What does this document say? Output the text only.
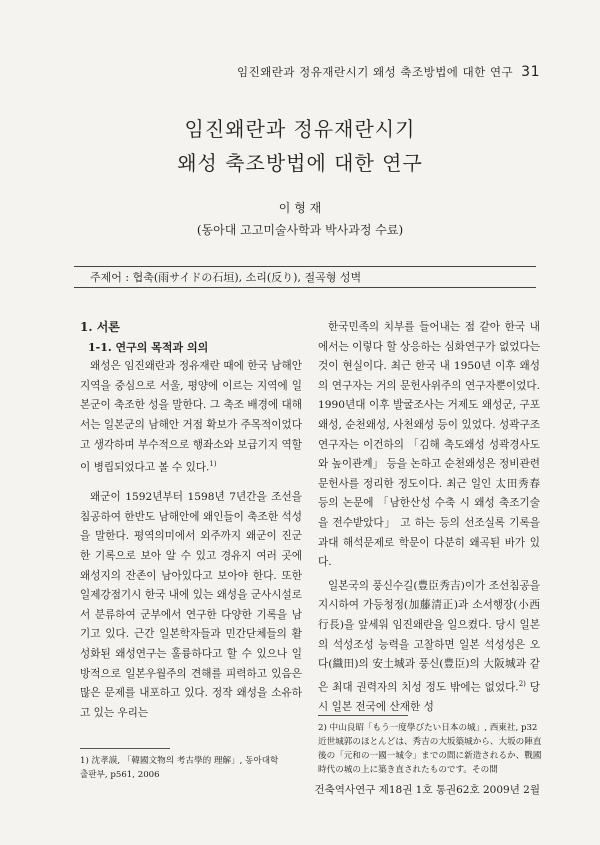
임진왜란과 정유재란시기 왜성 축조방법에 대한 연구 31
임진왜란과 정유재란시기
왜성 축조방법에 대한 연구
이 형 재
(동아대 고고미술사학과 박사과정 수료)
주제어 : 협축(雨サイドの石垣), 소리(反り), 절곡형 성벽

1. 서론

1-1. 연구의 목적과 의의

왜성은 임진왜란과 정유재란 때에 한국 남해안 지역을 중심으로 서울, 평양에 이르는 지역에 일본군이 축조한 성을 말한다. 그 축조 배경에 대해서는 일본군의 남해안 거점 확보가 주목적이었다고 생각하며 부수적으로 행좌소와 보급기지 역할이 병립되었다고 볼 수 있다.$^{1)}$

왜군이 1592년부터 1598년 7년간을 조선을 침공하여 한반도 남해안에 왜인들이 축조한 석성을 말한다. 평역의미에서 외주까지 왜군이 진군한 기록으로 보아 알 수 있고 경유지 여러 곳에 왜성지의 잔존이 남아있다고 보아야 한다. 또한 일제강점기시 한국 내에 있는 왜성을 군사시설로서 분류하여 군부에서 연구한 다양한 기록을 남기고 있다. 근간 일본학자들과 민간단체들의 활성화된 왜성연구는 훌륭하다고 할 수 있으나 일방적으로 일본우월주의 견해를 피력하고 있음은 많은 문제를 내포하고 있다. 정작 왜성을 소유하고 있는 우리는

한국민족의 치부를 들어내는 점 같아 한국 내에서는 이렇다 할 상응하는 심화연구가 없었다는 것이 현실이다. 최근 한국 내 1950년 이후 왜성의 연구자는 거의 문헌사위주의 연구자뿐이었다. 1990년대 이후 발굴조사는 거제도 왜성군, 구포왜성, 순천왜성, 사천왜성 등이 있었다. 성곽구조 연구자는 이건하의 「김해 축도왜성 성곽경사도와 높이관계」 등을 논하고 순천왜성은 정비관련 문헌사를 정리한 정도이다. 최근 일인 太田秀春 등의 논문에 「남한산성 수축 시 왜성 축조기술을 전수받았다」 고 하는 등의 선조실록 기록을 과대 해석문제로 학문이 다분히 왜곡된 바가 있다.

일본국의 풍신수길(豊臣秀吉)이가 조선침공을 지시하여 가등청정(加藤清正)과 소서행장(小西行長)을 앞세워 임진왜란을 일으켰다. 당시 일본의 석성조성 능력을 고찰하면 일본 석성성은 오다(織田)의 安土城과 풍신(豊臣)의 大阪城과 같은 최대 권력자의 치성 정도 밖에는 없었다.$^{2)}$ 당시 일본 전국에 산재한 성

1) 沈孝謨, 「韓國文物의 考古學的 理解」, 동아대학출판부, p561, 2006
2) 中山良昭「もう一度學びたい日本の城」, 西東社, p32 近世城郭のほとんどは、秀吉の大坂築城から、大坂の陣直後の「元和の一國一城令」までの間に新造されるか、戰國時代の城の上に築き直されたものです。その間
건축역사연구 제18권 1호 통권62호 2009년 2월
